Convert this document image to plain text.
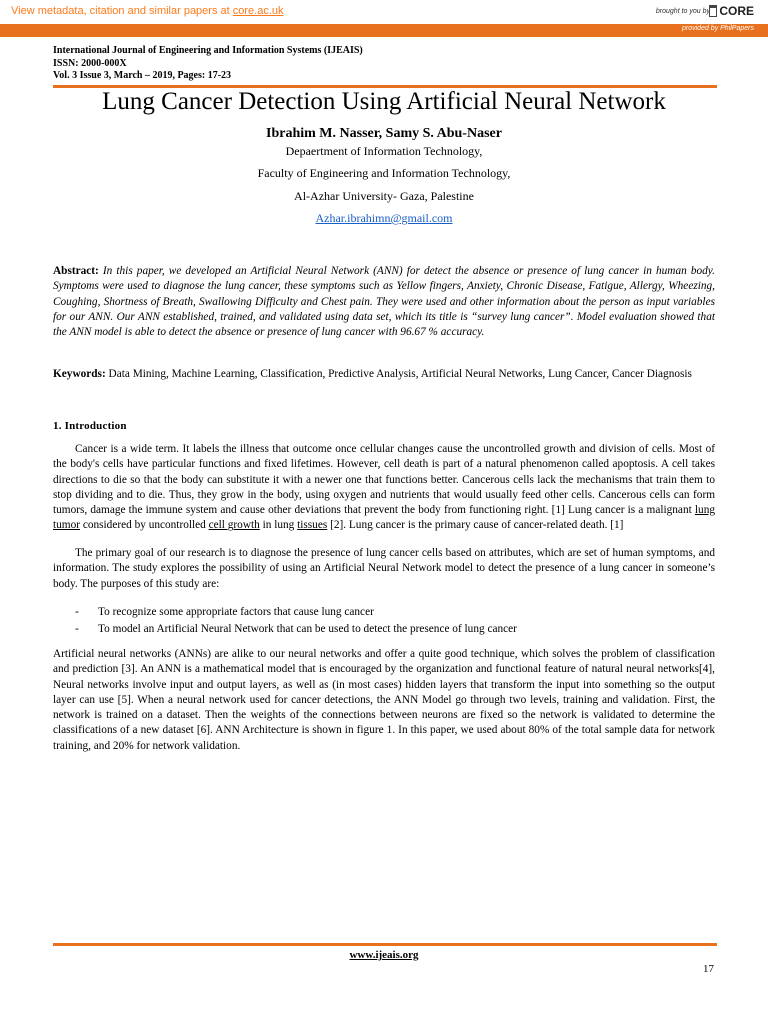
View metadata, citation and similar papers at core.ac.uk	brought to you by CORE
provided by PhilPapers
International Journal of Engineering and Information Systems (IJEAIS)
ISSN: 2000-000X
Vol. 3 Issue 3, March – 2019, Pages: 17-23
Lung Cancer Detection Using Artificial Neural Network
Ibrahim M. Nasser, Samy S. Abu-Naser
Depaertment of Information Technology,
Faculty of Engineering and Information Technology,
Al-Azhar University- Gaza, Palestine
Azhar.ibrahimn@gmail.com
Abstract: In this paper, we developed an Artificial Neural Network (ANN) for detect the absence or presence of lung cancer in human body. Symptoms were used to diagnose the lung cancer, these symptoms such as Yellow fingers, Anxiety, Chronic Disease, Fatigue, Allergy, Wheezing, Coughing, Shortness of Breath, Swallowing Difficulty and Chest pain. They were used and other information about the person as input variables for our ANN. Our ANN established, trained, and validated using data set, which its title is “survey lung cancer”. Model evaluation showed that the ANN model is able to detect the absence or presence of lung cancer with 96.67 % accuracy.
Keywords: Data Mining, Machine Learning, Classification, Predictive Analysis, Artificial Neural Networks, Lung Cancer, Cancer Diagnosis
1. Introduction
Cancer is a wide term. It labels the illness that outcome once cellular changes cause the uncontrolled growth and division of cells. Most of the body's cells have particular functions and fixed lifetimes. However, cell death is part of a natural phenomenon called apoptosis. A cell takes directions to die so that the body can substitute it with a newer one that functions better. Cancerous cells lack the mechanisms that train them to stop dividing and to die. Thus, they grow in the body, using oxygen and nutrients that would usually feed other cells. Cancerous cells can form tumors, damage the immune system and cause other deviations that prevent the body from functioning right. [1] Lung cancer is a malignant lung tumor considered by uncontrolled cell growth in lung tissues [2]. Lung cancer is the primary cause of cancer-related death. [1]
The primary goal of our research is to diagnose the presence of lung cancer cells based on attributes, which are set of human symptoms, and information. The study explores the possibility of using an Artificial Neural Network model to detect the presence of a lung cancer in someone’s body. The purposes of this study are:
- To recognize some appropriate factors that cause lung cancer
- To model an Artificial Neural Network that can be used to detect the presence of lung cancer
Artificial neural networks (ANNs) are alike to our neural networks and offer a quite good technique, which solves the problem of classification and prediction [3]. An ANN is a mathematical model that is encouraged by the organization and functional feature of natural neural networks[4], Neural networks involve input and output layers, as well as (in most cases) hidden layers that transform the input into something so the output layer can use [5]. When a neural network used for cancer detections, the ANN Model go through two levels, training and validation. First, the network is trained on a dataset. Then the weights of the connections between neurons are fixed so the network is validated to determine the classifications of a new dataset [6]. ANN Architecture is shown in figure 1. In this paper, we used about 80% of the total sample data for network training, and 20% for network validation.
www.ijeais.org
17
